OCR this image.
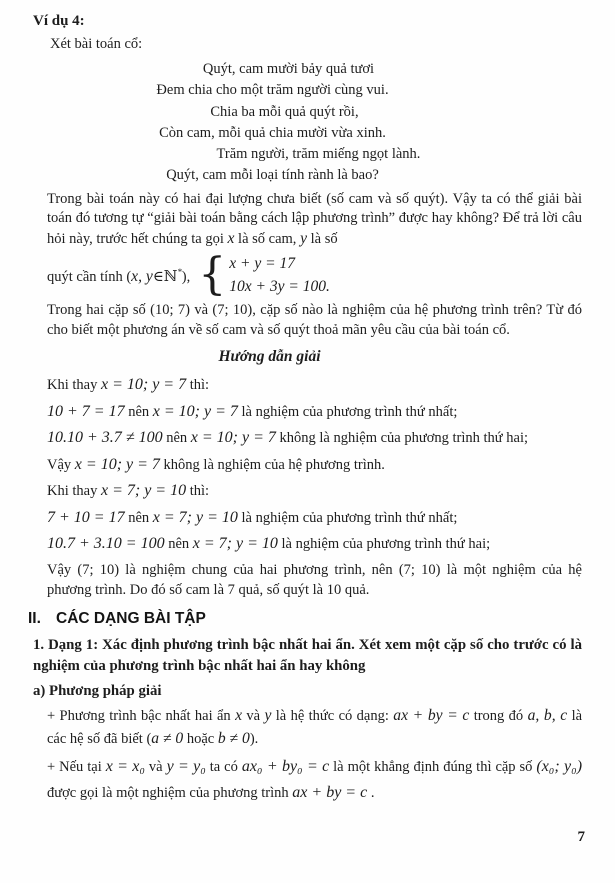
Ví dụ 4:
Xét bài toán cổ:
Quýt, cam mười bảy quả tươi
Đem chia cho một trăm người cùng vui.
Chia ba mỗi quả quýt rồi,
Còn cam, mỗi quả chia mười vừa xinh.
Trăm người, trăm miếng ngọt lành.
Quýt, cam mỗi loại tính rành là bao?

Trong bài toán này có hai đại lượng chưa biết (số cam và số quýt). Vậy ta có thể giải bài toán đó tương tự “giải bài toán bằng cách lập phương trình” được hay không? Để trả lời câu hỏi này, trước hết chúng ta gọi x là số cam, y là số

quýt cần tính (x, y∈ℕ*), { x + y = 17
10x + 3y = 100.

Trong hai cặp số (10; 7) và (7; 10), cặp số nào là nghiệm của hệ phương trình trên? Từ đó cho biết một phương án về số cam và số quýt thoả mãn yêu cầu của bài toán cổ.

Hướng dẫn giải
Khi thay x = 10; y = 7 thì:
10 + 7 = 17 nên x = 10; y = 7 là nghiệm của phương trình thứ nhất;
10.10 + 3.7 ≠ 100 nên x = 10; y = 7 không là nghiệm của phương trình thứ hai;
Vậy x = 10; y = 7 không là nghiệm của hệ phương trình.
Khi thay x = 7; y = 10 thì:
7 + 10 = 17 nên x = 7; y = 10 là nghiệm của phương trình thứ nhất;
10.7 + 3.10 = 100 nên x = 7; y = 10 là nghiệm của phương trình thứ hai;

Vậy (7; 10) là nghiệm chung của hai phương trình, nên (7; 10) là một nghiệm của hệ phương trình. Do đó số cam là 7 quả, số quýt là 10 quả.

II. CÁC DẠNG BÀI TẬP
1. Dạng 1: Xác định phương trình bậc nhất hai ẩn. Xét xem một cặp số cho trước có là nghiệm của phương trình bậc nhất hai ẩn hay không
a) Phương pháp giải

+ Phương trình bậc nhất hai ẩn x và y là hệ thức có dạng: ax + by = c trong đó a, b, c là các hệ số đã biết (a ≠ 0 hoặc b ≠ 0).

+ Nếu tại x = x₀ và y = y₀ ta có ax₀ + by₀ = c là một khẳng định đúng thì cặp số (x₀; y₀) được gọi là một nghiệm của phương trình ax + by = c .

7
